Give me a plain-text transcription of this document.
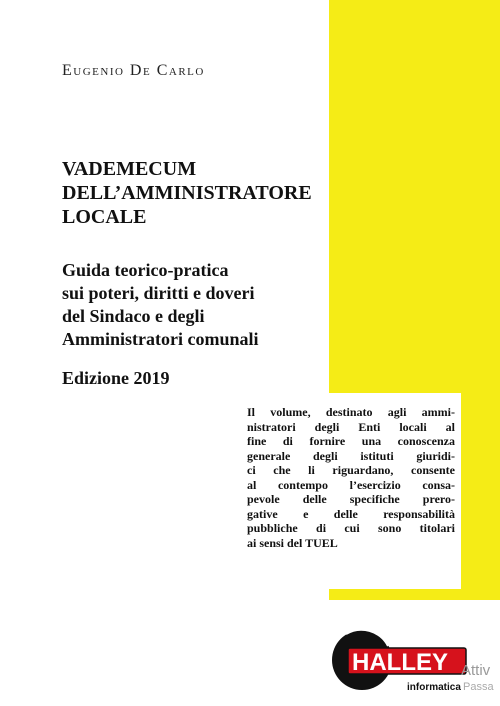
Eugenio De Carlo
VADEMECUM
DELL’AMMINISTRATORE
LOCALE
Guida teorico-pratica
sui poteri, diritti e doveri
del Sindaco e degli
Amministratori comunali
Edizione 2019
Il volume, destinato agli ammi-
nistratori degli Enti locali al
fine di fornire una conoscenza
generale degli istituti giuridi-
ci che li riguardano, consente
al contempo l’esercizio consa-
pevole delle specifiche prero-
gative e delle responsabilità
pubbliche di cui sono titolari
ai sensi del TUEL
HALLEY
informatica
Attiv
Passa
